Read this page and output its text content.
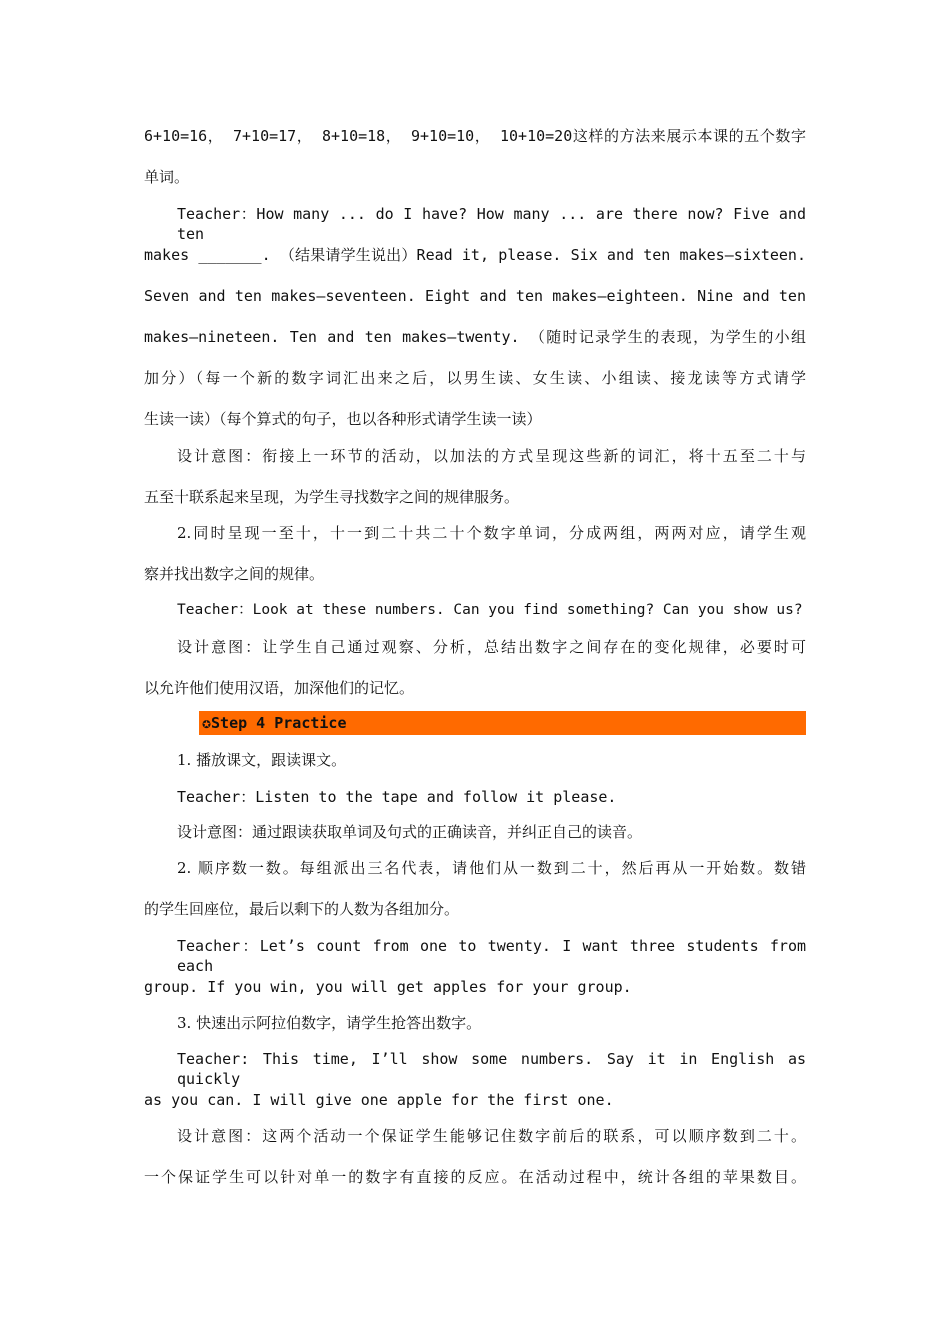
6+10=16， 7+10=17， 8+10=18， 9+10=10， 10+10=20这样的方法来展示本课的五个数字
单词。
Teacher：How many ... do I have? How many ... are there now? Five and ten
makes _______. （结果请学生说出）Read it, please. Six and ten makes—sixteen.
Seven and ten makes—seventeen. Eight and ten makes—eighteen. Nine and ten
makes—nineteen. Ten and ten makes—twenty. （随时记录学生的表现，为学生的小组
加分）（每一个新的数字词汇出来之后，以男生读、女生读、小组读、接龙读等方式请学
生读一读）（每个算式的句子，也以各种形式请学生读一读）
设计意图：衔接上一环节的活动，以加法的方式呈现这些新的词汇，将十五至二十与
五至十联系起来呈现，为学生寻找数字之间的规律服务。
2.同时呈现一至十，十一到二十共二十个数字单词，分成两组，两两对应，请学生观
察并找出数字之间的规律。
Teacher：Look at these numbers. Can you find something? Can you show us?
设计意图：让学生自己通过观察、分析，总结出数字之间存在的变化规律，必要时可
以允许他们使用汉语，加深他们的记忆。
✪Step 4 Practice
1. 播放课文，跟读课文。
Teacher：Listen to the tape and follow it please.
设计意图：通过跟读获取单词及句式的正确读音，并纠正自己的读音。
2. 顺序数一数。每组派出三名代表，请他们从一数到二十，然后再从一开始数。数错
的学生回座位，最后以剩下的人数为各组加分。
Teacher：Let’s count from one to twenty. I want three students from each
group. If you win, you will get apples for your group.
3. 快速出示阿拉伯数字，请学生抢答出数字。
Teacher: This time, I’ll show some numbers. Say it in English as quickly
as you can. I will give one apple for the first one.
设计意图：这两个活动一个保证学生能够记住数字前后的联系，可以顺序数到二十。
一个保证学生可以针对单一的数字有直接的反应。在活动过程中，统计各组的苹果数目。
